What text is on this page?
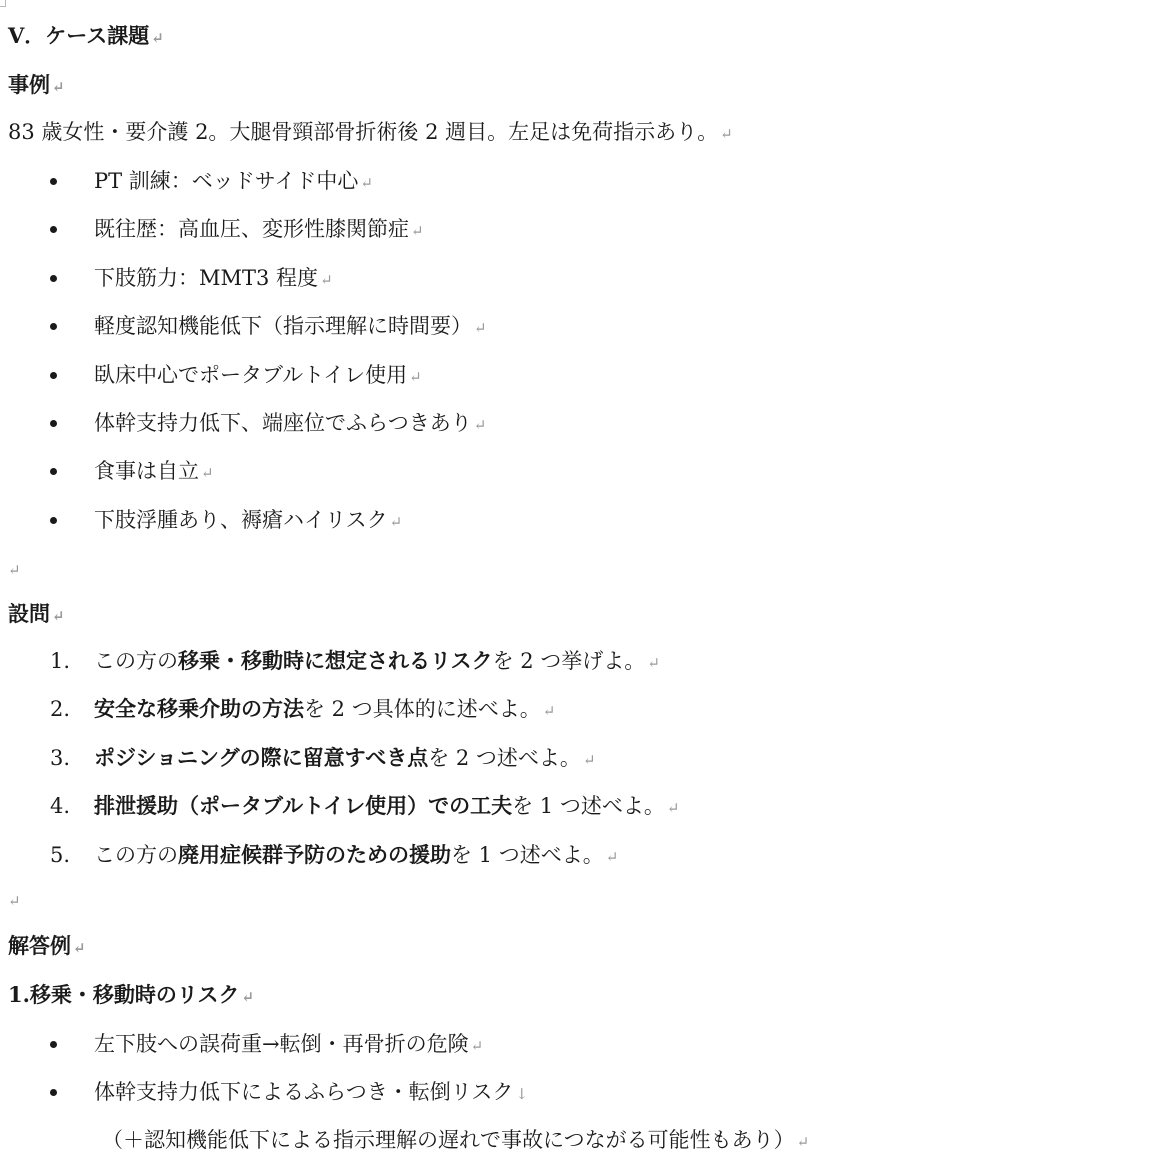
Ⅴ．ケース課題 ↵
事例 ↵
83 歳女性・要介護 2。大腿骨頸部骨折術後 2 週目。左足は免荷指示あり。 ↵
PT 訓練：ベッドサイド中心 ↵
既往歴：高血圧、変形性膝関節症 ↵
下肢筋力：MMT3 程度 ↵
軽度認知機能低下（指示理解に時間要） ↵
臥床中心でポータブルトイレ使用 ↵
体幹支持力低下、端座位でふらつきあり ↵
食事は自立 ↵
下肢浮腫あり、褥瘡ハイリスク ↵
↵
設問 ↵
1. この方の移乗・移動時に想定されるリスクを 2 つ挙げよ。 ↵
2. 安全な移乗介助の方法を 2 つ具体的に述べよ。 ↵
3. ポジショニングの際に留意すべき点を 2 つ述べよ。 ↵
4. 排泄援助（ポータブルトイレ使用）での工夫を 1 つ述べよ。 ↵
5. この方の廃用症候群予防のための援助を 1 つ述べよ。 ↵
↵
解答例 ↵
1.移乗・移動時のリスク ↵
左下肢への誤荷重→転倒・再骨折の危険 ↵
体幹支持力低下によるふらつき・転倒リスク ↓
（＋認知機能低下による指示理解の遅れで事故につながる可能性もあり） ↵
